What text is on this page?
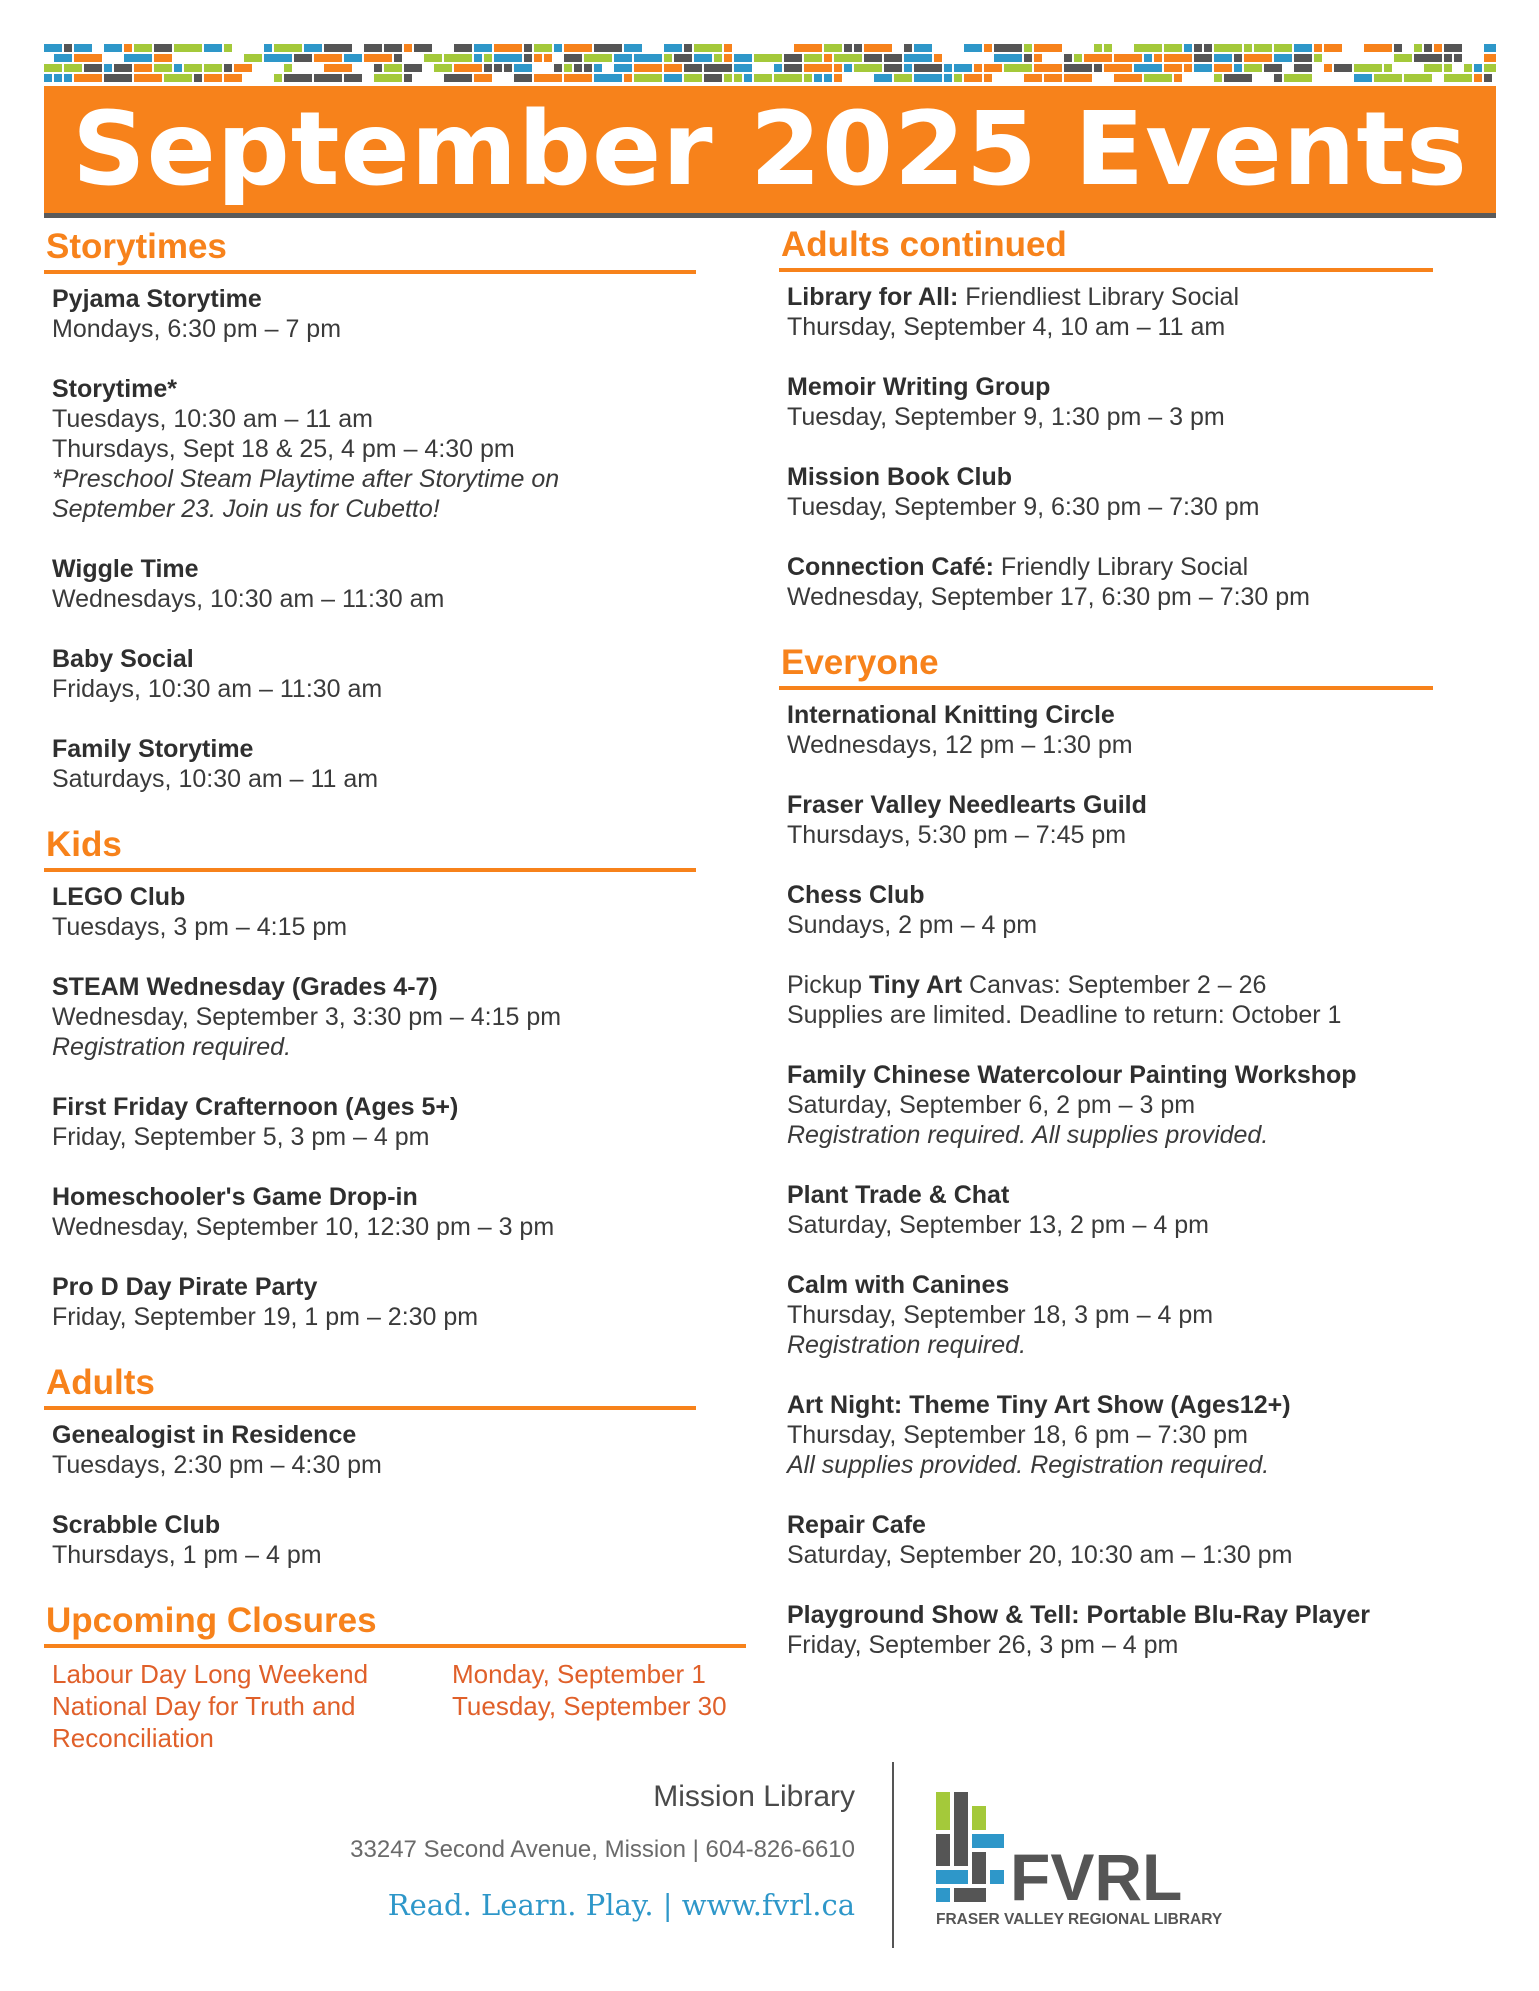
September 2025 Events
Storytimes
Pyjama Storytime
Mondays, 6:30 pm – 7 pm
Storytime*
Tuesdays, 10:30 am – 11 am
Thursdays, Sept 18 & 25, 4 pm – 4:30 pm
*Preschool Steam Playtime after Storytime on
September 23. Join us for Cubetto!
Wiggle Time
Wednesdays, 10:30 am – 11:30 am
Baby Social
Fridays, 10:30 am – 11:30 am
Family Storytime
Saturdays, 10:30 am – 11 am
Kids
LEGO Club
Tuesdays, 3 pm – 4:15 pm
STEAM Wednesday (Grades 4-7)
Wednesday, September 3, 3:30 pm – 4:15 pm
Registration required.
First Friday Crafternoon (Ages 5+)
Friday, September 5, 3 pm – 4 pm
Homeschooler's Game Drop-in
Wednesday, September 10, 12:30 pm – 3 pm
Pro D Day Pirate Party
Friday, September 19, 1 pm – 2:30 pm
Adults
Genealogist in Residence
Tuesdays, 2:30 pm – 4:30 pm
Scrabble Club
Thursdays, 1 pm – 4 pm
Upcoming Closures
Labour Day Long Weekend	Monday, September 1
National Day for Truth and Reconciliation
Tuesday, September 30
Adults continued
Library for All: Friendliest Library Social
Thursday, September 4, 10 am – 11 am
Memoir Writing Group
Tuesday, September 9, 1:30 pm – 3 pm
Mission Book Club
Tuesday, September 9, 6:30 pm – 7:30 pm
Connection Café: Friendly Library Social
Wednesday, September 17, 6:30 pm – 7:30 pm
Everyone
International Knitting Circle
Wednesdays, 12 pm – 1:30 pm
Fraser Valley Needlearts Guild
Thursdays, 5:30 pm – 7:45 pm
Chess Club
Sundays, 2 pm – 4 pm
Pickup Tiny Art Canvas: September 2 – 26
Supplies are limited. Deadline to return: October 1
Family Chinese Watercolour Painting Workshop
Saturday, September 6, 2 pm – 3 pm
Registration required. All supplies provided.
Plant Trade & Chat
Saturday, September 13, 2 pm – 4 pm
Calm with Canines
Thursday, September 18, 3 pm – 4 pm
Registration required.
Art Night: Theme Tiny Art Show (Ages12+)
Thursday, September 18, 6 pm – 7:30 pm
All supplies provided. Registration required.
Repair Cafe
Saturday, September 20, 10:30 am – 1:30 pm
Playground Show & Tell: Portable Blu-Ray Player
Friday, September 26, 3 pm – 4 pm
Mission Library
33247 Second Avenue, Mission | 604-826-6610
Read. Learn. Play. | www.fvrl.ca FVRL
FRASER VALLEY REGIONAL LIBRARY
